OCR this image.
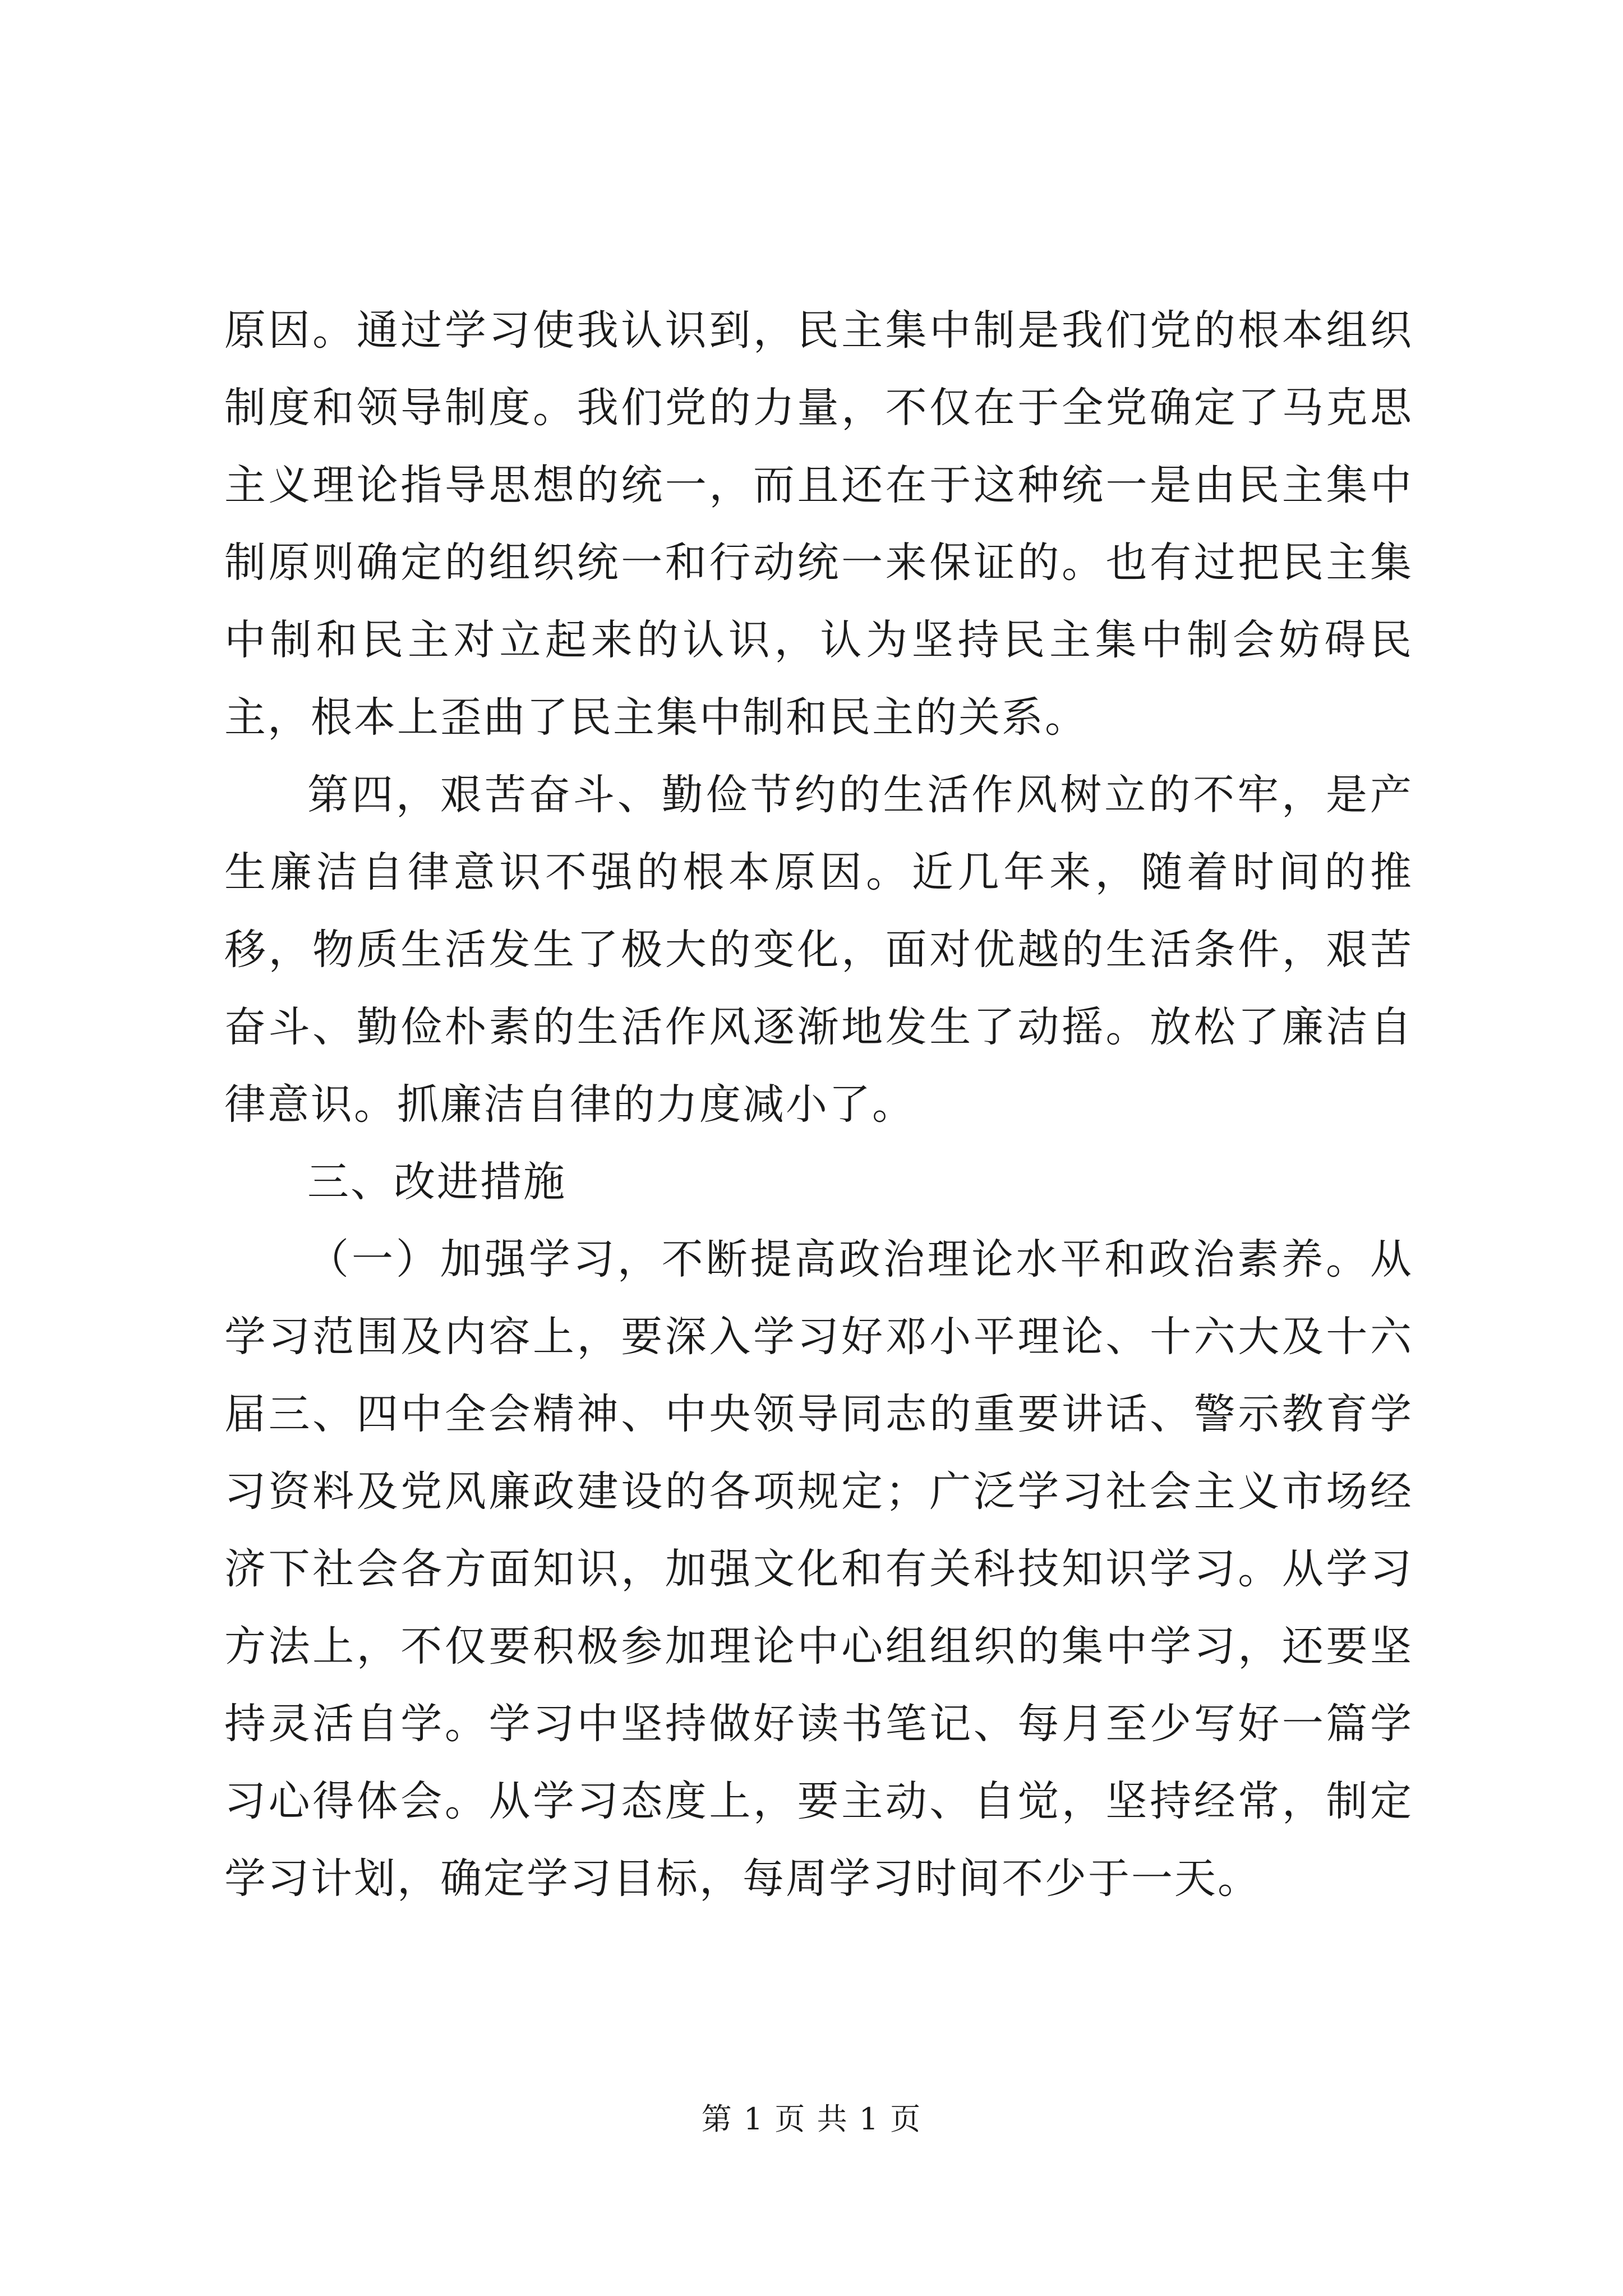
原因。通过学习使我认识到，民主集中制是我们党的根本组织制度和领导制度。我们党的力量，不仅在于全党确定了马克思主义理论指导思想的统一，而且还在于这种统一是由民主集中制原则确定的组织统一和行动统一来保证的。也有过把民主集中制和民主对立起来的认识，认为坚持民主集中制会妨碍民主，根本上歪曲了民主集中制和民主的关系。

第四，艰苦奋斗、勤俭节约的生活作风树立的不牢，是产生廉洁自律意识不强的根本原因。近几年来，随着时间的推移，物质生活发生了极大的变化，面对优越的生活条件，艰苦奋斗、勤俭朴素的生活作风逐渐地发生了动摇。放松了廉洁自律意识。抓廉洁自律的力度减小了。

三、改进措施

（一）加强学习，不断提高政治理论水平和政治素养。从学习范围及内容上，要深入学习好邓小平理论、十六大及十六届三、四中全会精神、中央领导同志的重要讲话、警示教育学习资料及党风廉政建设的各项规定；广泛学习社会主义市场经济下社会各方面知识，加强文化和有关科技知识学习。从学习方法上，不仅要积极参加理论中心组组织的集中学习，还要坚持灵活自学。学习中坚持做好读书笔记、每月至少写好一篇学习心得体会。从学习态度上，要主动、自觉，坚持经常，制定学习计划，确定学习目标，每周学习时间不少于一天。

第 1 页 共 1 页
